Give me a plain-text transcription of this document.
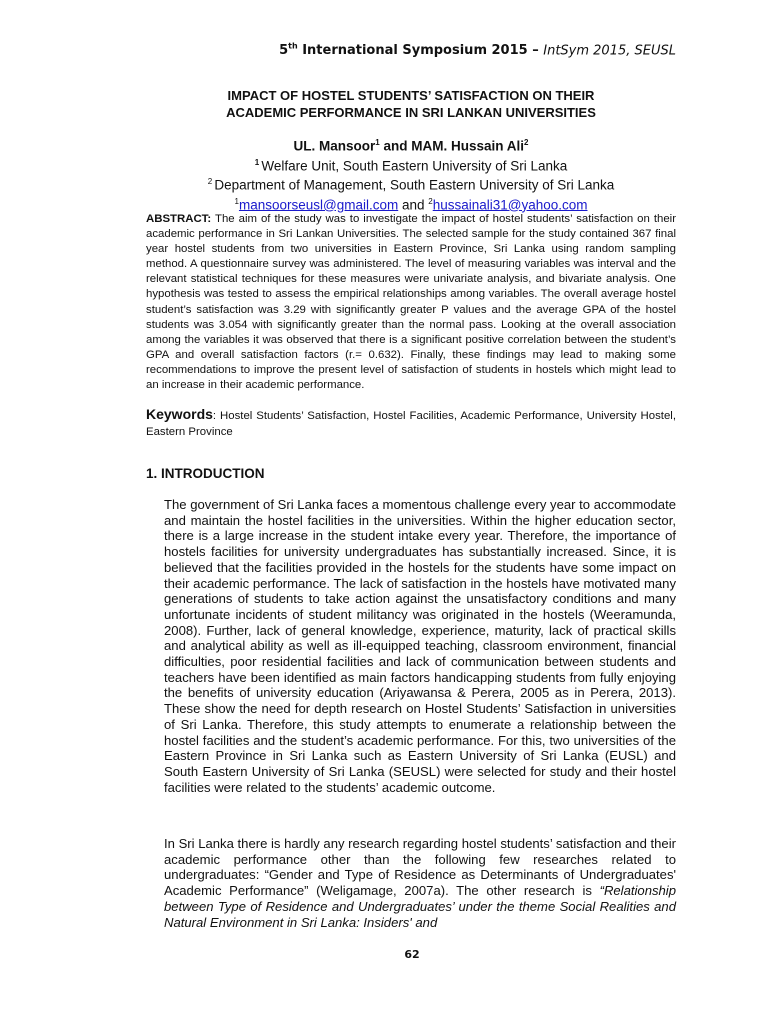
5th International Symposium 2015 – IntSym 2015, SEUSL
IMPACT OF HOSTEL STUDENTS’ SATISFACTION ON THEIR
ACADEMIC PERFORMANCE IN SRI LANKAN UNIVERSITIES
UL. Mansoor$^1$ and MAM. Hussain Ali$^2$
$^1$ Welfare Unit, South Eastern University of Sri Lanka
$^2$ Department of Management, South Eastern University of Sri Lanka
$^1$mansoorseusl@gmail.com and $^2$hussainali31@yahoo.com
ABSTRACT: The aim of the study was to investigate the impact of hostel students’ satisfaction on their academic performance in Sri Lankan Universities. The selected sample for the study contained 367 final year hostel students from two universities in Eastern Province, Sri Lanka using random sampling method. A questionnaire survey was administered. The level of measuring variables was interval and the relevant statistical techniques for these measures were univariate analysis, and bivariate analysis. One hypothesis was tested to assess the empirical relationships among variables. The overall average hostel student’s satisfaction was 3.29 with significantly greater P values and the average GPA of the hostel students was 3.054 with significantly greater than the normal pass. Looking at the overall association among the variables it was observed that there is a significant positive correlation between the student’s GPA and overall satisfaction factors (r.= 0.632). Finally, these findings may lead to making some recommendations to improve the present level of satisfaction of students in hostels which might lead to an increase in their academic performance.
Keywords: Hostel Students’ Satisfaction, Hostel Facilities, Academic Performance, University Hostel, Eastern Province
1. INTRODUCTION
The government of Sri Lanka faces a momentous challenge every year to accommodate and maintain the hostel facilities in the universities. Within the higher education sector, there is a large increase in the student intake every year. Therefore, the importance of hostels facilities for university undergraduates has substantially increased. Since, it is believed that the facilities provided in the hostels for the students have some impact on their academic performance. The lack of satisfaction in the hostels have motivated many generations of students to take action against the unsatisfactory conditions and many unfortunate incidents of student militancy was originated in the hostels (Weeramunda, 2008). Further, lack of general knowledge, experience, maturity, lack of practical skills and analytical ability as well as ill-equipped teaching, classroom environment, financial difficulties, poor residential facilities and lack of communication between students and teachers have been identified as main factors handicapping students from fully enjoying the benefits of university education (Ariyawansa & Perera, 2005 as in Perera, 2013). These show the need for depth research on Hostel Students’ Satisfaction in universities of Sri Lanka. Therefore, this study attempts to enumerate a relationship between the hostel facilities and the student’s academic performance. For this, two universities of the Eastern Province in Sri Lanka such as Eastern University of Sri Lanka (EUSL) and South Eastern University of Sri Lanka (SEUSL) were selected for study and their hostel facilities were related to the students’ academic outcome.
In Sri Lanka there is hardly any research regarding hostel students’ satisfaction and their academic performance other than the following few researches related to undergraduates: “Gender and Type of Residence as Determinants of Undergraduates' Academic Performance” (Weligamage, 2007a). The other research is “Relationship between Type of Residence and Undergraduates’ under the theme Social Realities and Natural Environment in Sri Lanka: Insiders' and
62
